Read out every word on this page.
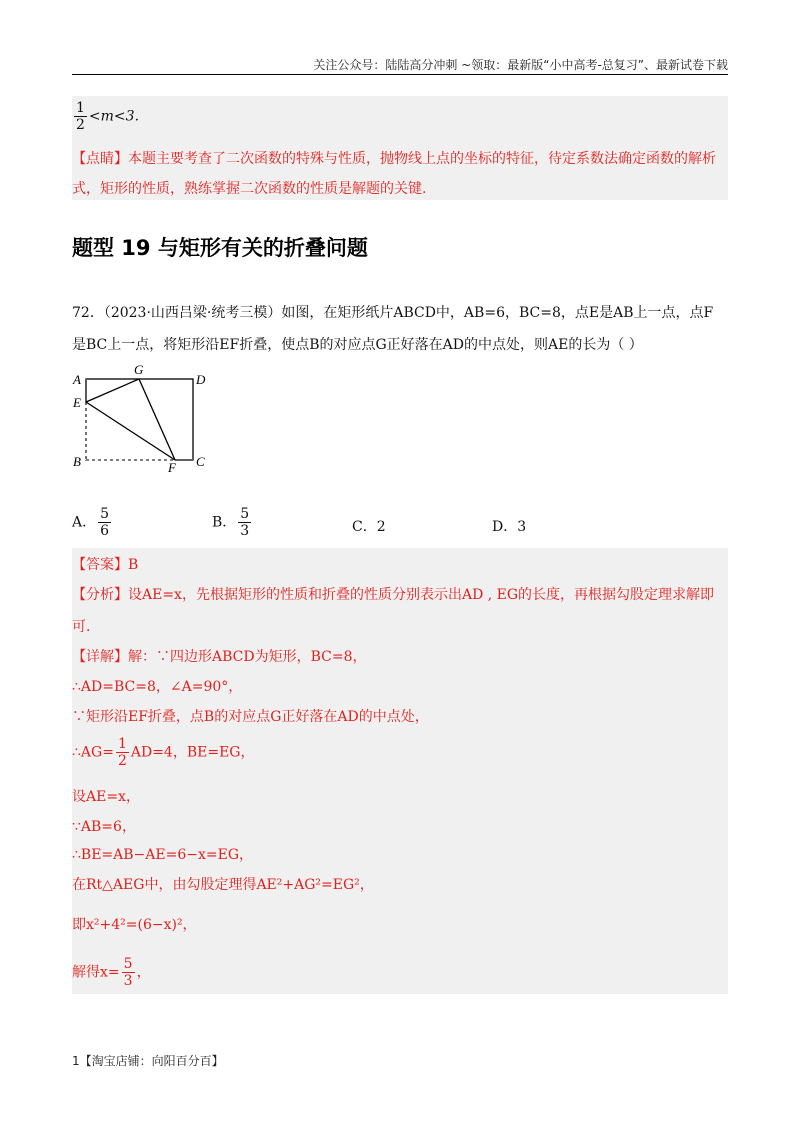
关注公众号：陆陆高分冲刺 ~领取：最新版“小中高考-总复习”、最新试卷下载
$\frac{1}{2} <m<3$.
【点睛】本题主要考查了二次函数的特殊与性质，抛物线上点的坐标的特征，待定系数法确定函数的解析
式，矩形的性质，熟练掌握二次函数的性质是解题的关键.
题型 19 与矩形有关的折叠问题
72．（2023·山西吕梁·统考三模）如图，在矩形纸片ABCD中，AB=6，BC=8，点E是AB上一点，点F
是BC上一点，将矩形沿EF折叠，使点B的对应点G正好落在AD的中点处，则AE的长为（ ）
A
G
D
E
B	F C
A． $\frac{5}{6}$	B． $\frac{5}{3}$	C．2	D．3
【答案】B
【分析】设AE=x，先根据矩形的性质和折叠的性质分别表示出AD , EG的长度，再根据勾股定理求解即
可.
【详解】解：∵四边形ABCD为矩形，BC=8，
∴AD=BC=8，∠A=90°，
∵矩形沿EF折叠，点B的对应点G正好落在AD的中点处，
∴AG= $\frac{1}{2} AD=4$，BE=EG，
设AE=x，
∵AB=6，
∴BE=AB−AE=6−x=EG，
在Rt△AEG中，由勾股定理得AE²+AG²=EG²，
即x²+4²=(6−x)²，
解得$x= \frac{5}{3}$ ，
1【淘宝店铺：向阳百分百】
